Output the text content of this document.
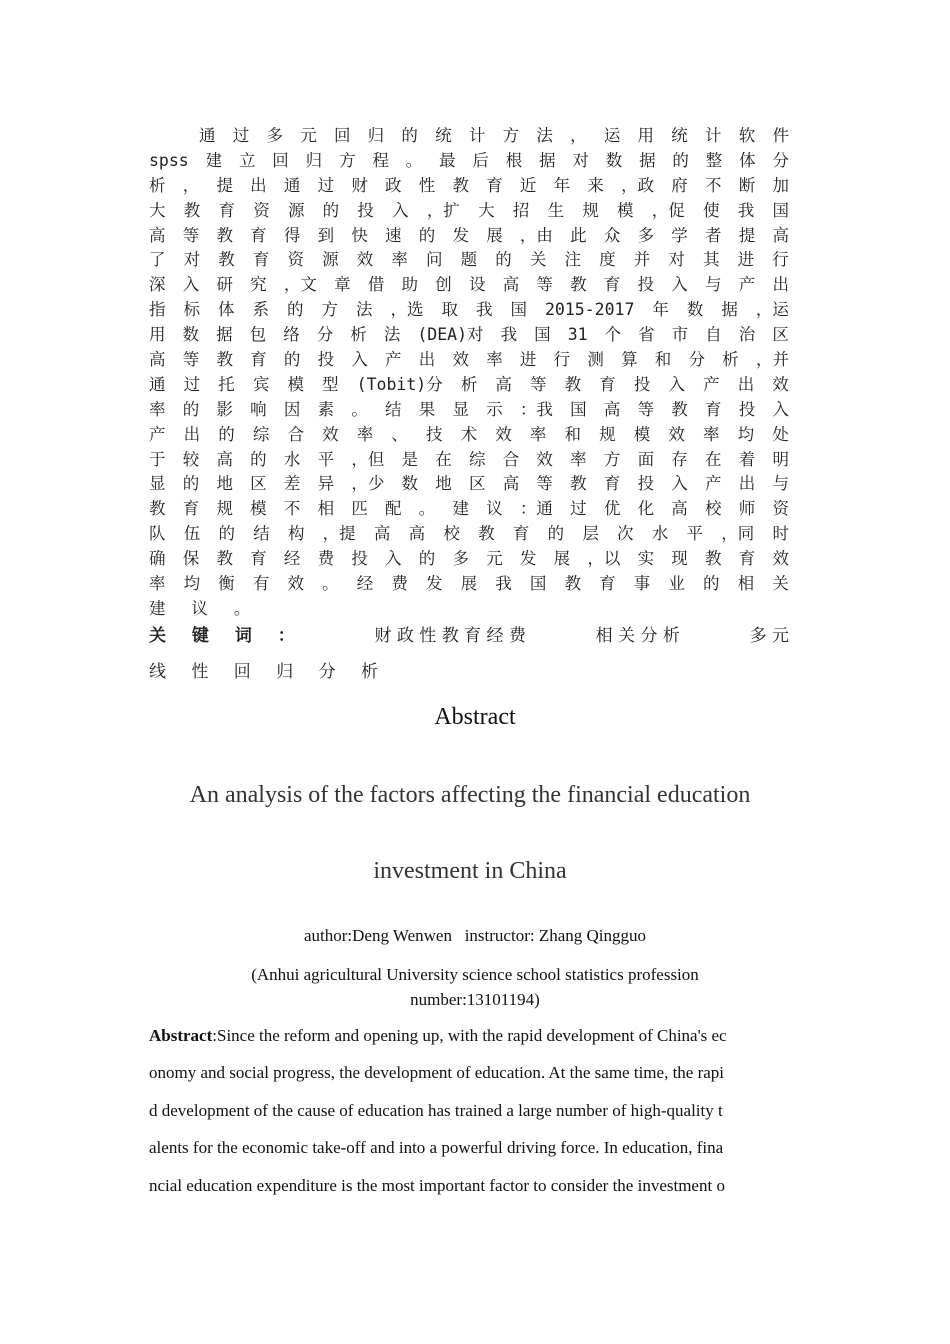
通 过 多 元 回 归 的 统 计 方 法 ， 运 用 统 计 软 件
spss 建 立 回 归 方 程 。 最 后 根 据 对 数 据 的 整 体 分
析 ， 提 出 通 过 财 政 性 教 育 近 年 来 ，政 府 不 断 加
大 教 育 资 源 的 投 入 ，扩 大 招 生 规 模 ，促 使 我 国
高 等 教 育 得 到 快 速 的 发 展 ，由 此 众 多 学 者 提 高
了 对 教 育 资 源 效 率 问 题 的 关 注 度 并 对 其 进 行
深 入 研 究 ，文 章 借 助 创 设 高 等 教 育 投 入 与 产 出
指 标 体 系 的 方 法 ，选 取 我 国 2015-2017 年 数 据 ，运
用 数 据 包 络 分 析 法 (DEA)对 我 国 31 个 省 市 自 治 区
高 等 教 育 的 投 入 产 出 效 率 进 行 测 算 和 分 析 ，并
通 过 托 宾 模 型 (Tobit)分 析 高 等 教 育 投 入 产 出 效
率 的 影 响 因 素 。 结 果 显 示 ：我 国 高 等 教 育 投 入
产 出 的 综 合 效 率 、 技 术 效 率 和 规 模 效 率 均 处
于 较 高 的 水 平 ，但 是 在 综 合 效 率 方 面 存 在 着 明
显 的 地 区 差 异 ，少 数 地 区 高 等 教 育 投 入 产 出 与
教 育 规 模 不 相 匹 配 。 建 议 ：通 过 优 化 高 校 师 资
队 伍 的 结 构 ，提 高 高 校 教 育 的 层 次 水 平 ，同 时
确 保 教 育 经 费 投 入 的 多 元 发 展 ，以 实 现 教 育 效
率 均 衡 有 效 。 经 费 发 展 我 国 教 育 事 业 的 相 关
建 议 。
关 键 词 ：	财 政 性 教 育 经 费	相 关 分 析	多 元
线 性 回 归 分 析
Abstract
An analysis of the factors affecting the financial education
investment in China
author:Deng Wenwen   instructor: Zhang Qingguo
(Anhui agricultural University science school statistics profession
number:13101194)
Abstract:Since the reform and opening up, with the rapid development of China's ec
onomy and social progress, the development of education. At the same time, the rapi
d development of the cause of education has trained a large number of high-quality t
alents for the economic take-off and into a powerful driving force. In education, fina
ncial education expenditure is the most important factor to consider the investment o
